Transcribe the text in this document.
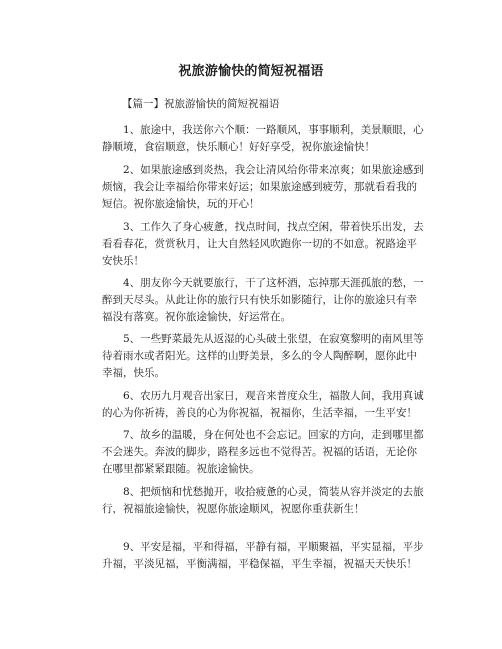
祝旅游愉快的简短祝福语
【篇一】祝旅游愉快的简短祝福语
1、旅途中，我送你六个顺：一路顺风，事事顺利，美景顺眼，心
静顺境，食宿顺意，快乐顺心！好好享受，祝你旅途愉快！
2、如果旅途感到炎热，我会让清风给你带来凉爽；如果旅途感到
烦恼，我会让幸福给你带来好运；如果旅途感到疲劳，那就看看我的
短信。祝你旅途愉快，玩的开心！
3、工作久了身心疲惫，找点时间，找点空闲，带着快乐出发，去
看看春花，赏赏秋月，让大自然轻风吹跑你一切的不如意。祝路途平
安快乐！
4、朋友你今天就要旅行，干了这杯酒，忘掉那天涯孤旅的愁，一
醉到天尽头。从此让你的旅行只有快乐如影随行，让你的旅途只有幸
福没有落寞。祝你旅途愉快，好运常在。
5、一些野菜最先从返湿的心头破土张望，在寂寞黎明的南风里等
待着雨水或者阳光。这样的山野美景，多么的令人陶醉啊，愿你此中
幸福，快乐。
6、农历九月观音出家日，观音来普度众生，福散人间，我用真诚
的心为你祈祷，善良的心为你祝福，祝福你，生活幸福，一生平安！
7、故乡的温暖，身在何处也不会忘记。回家的方向，走到哪里都
不会迷失。奔波的脚步，路程多远也不觉得苦。祝福的话语，无论你
在哪里都紧紧跟随。祝旅途愉快。
8、把烦恼和忧愁抛开，收拾疲惫的心灵，简装从容并淡定的去旅
行，祝福旅途愉快，祝愿你旅途顺风，祝愿你重获新生！
9、平安是福，平和得福，平静有福，平顺聚福，平实显福，平步
升福，平淡见福，平衡满福，平稳保福，平生幸福，祝福天天快乐！
